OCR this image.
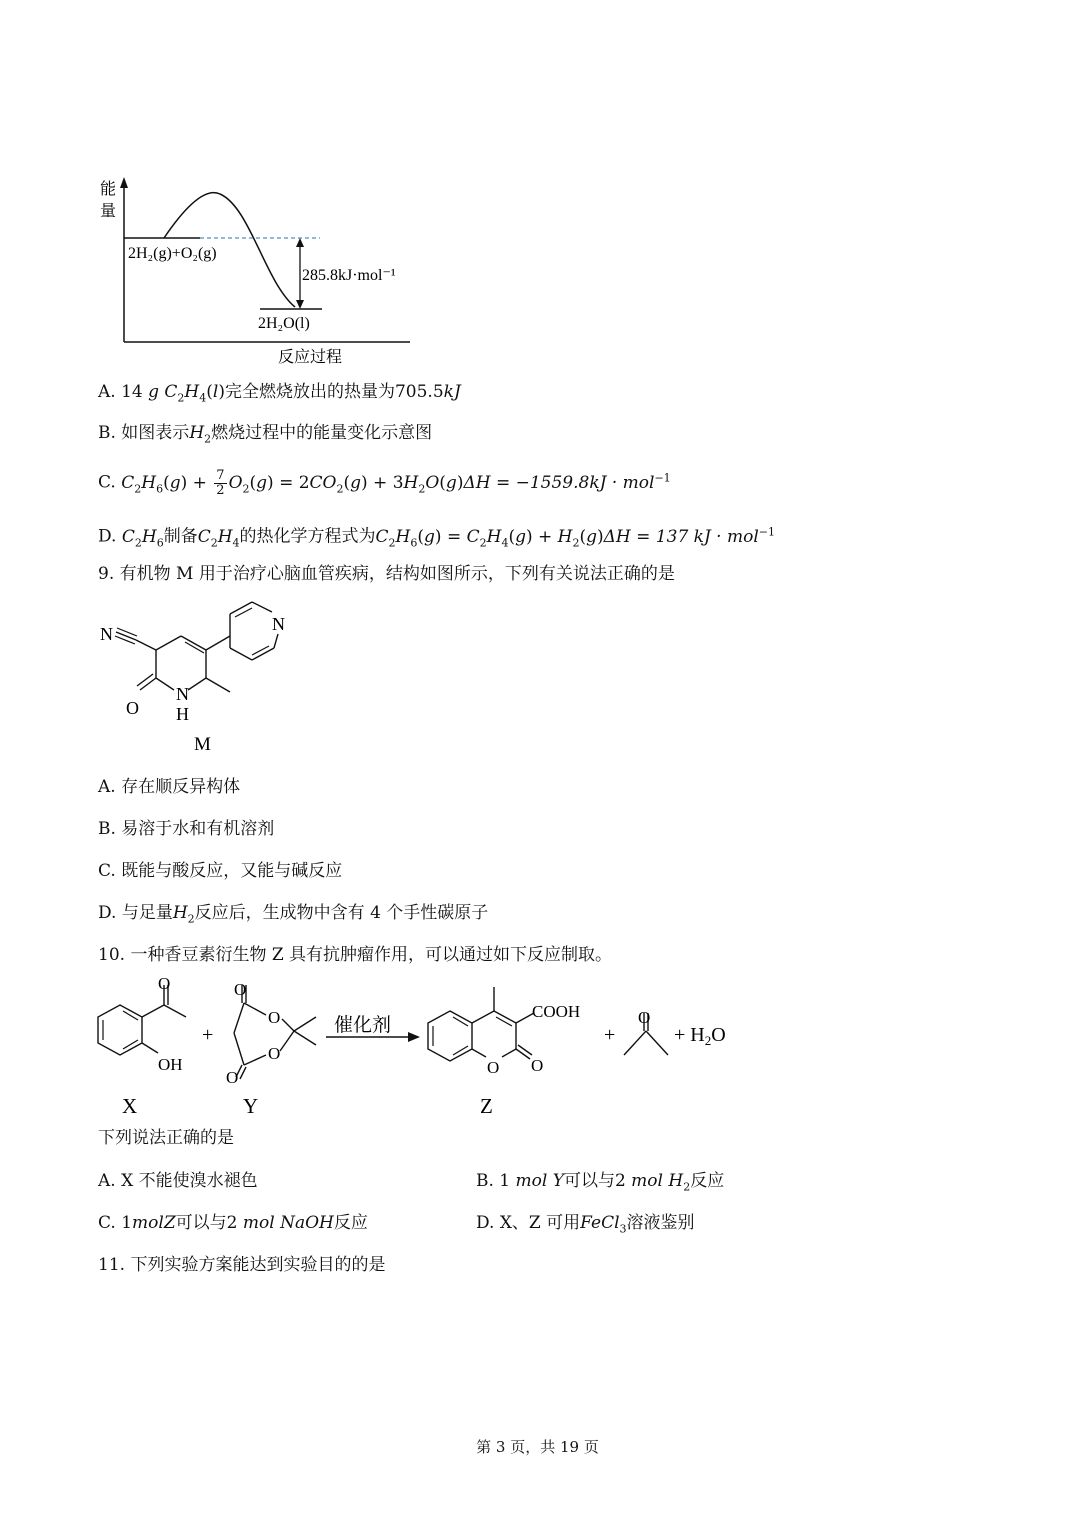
能
量
2H₂(g)+O₂(g)
285.8kJ·mol⁻¹
2H₂O(l)
反应过程
A. 14 g $C_2H_4(l)$完全燃烧放出的热量为705.5kJ
B. 如图表示$H_2$燃烧过程中的能量变化示意图
C. $C_2H_6(g) + \frac{7}{2} O_2(g) = 2CO_2(g) + 3H_2O(g)\Delta H = -1559.8kJ \cdot mol^{-1}$
D. $C_2H_6$制备$C_2H_4$的热化学方程式为$C_2H_6(g) = C_2H_4(g) + H_2(g)\Delta H = 137$ kJ · mol$^{-1}$
9. 有机物 M 用于治疗心脑血管疾病，结构如图所示，下列有关说法正确的是
N	N
O
N
H
M
A. 存在顺反异构体
B. 易溶于水和有机溶剂
C. 既能与酸反应，又能与碱反应
D. 与足量$H_2$反应后，生成物中含有 4 个手性碳原子
10. 一种香豆素衍生物 Z 具有抗肿瘤作用，可以通过如下反应制取。
O
OH
+
O
O
O
O
催化剂
O O
COOH
+
O
+ $H_2O$
X	Y	Z
下列说法正确的是
A. X 不能使溴水褪色	B. 1 mol Y可以与2 mol $H_2$反应
C. 1molZ可以与2 mol NaOH反应	D. X、Z 可用FeCl$_3$溶液鉴别
11. 下列实验方案能达到实验目的的是
第 3 页，共 19 页
